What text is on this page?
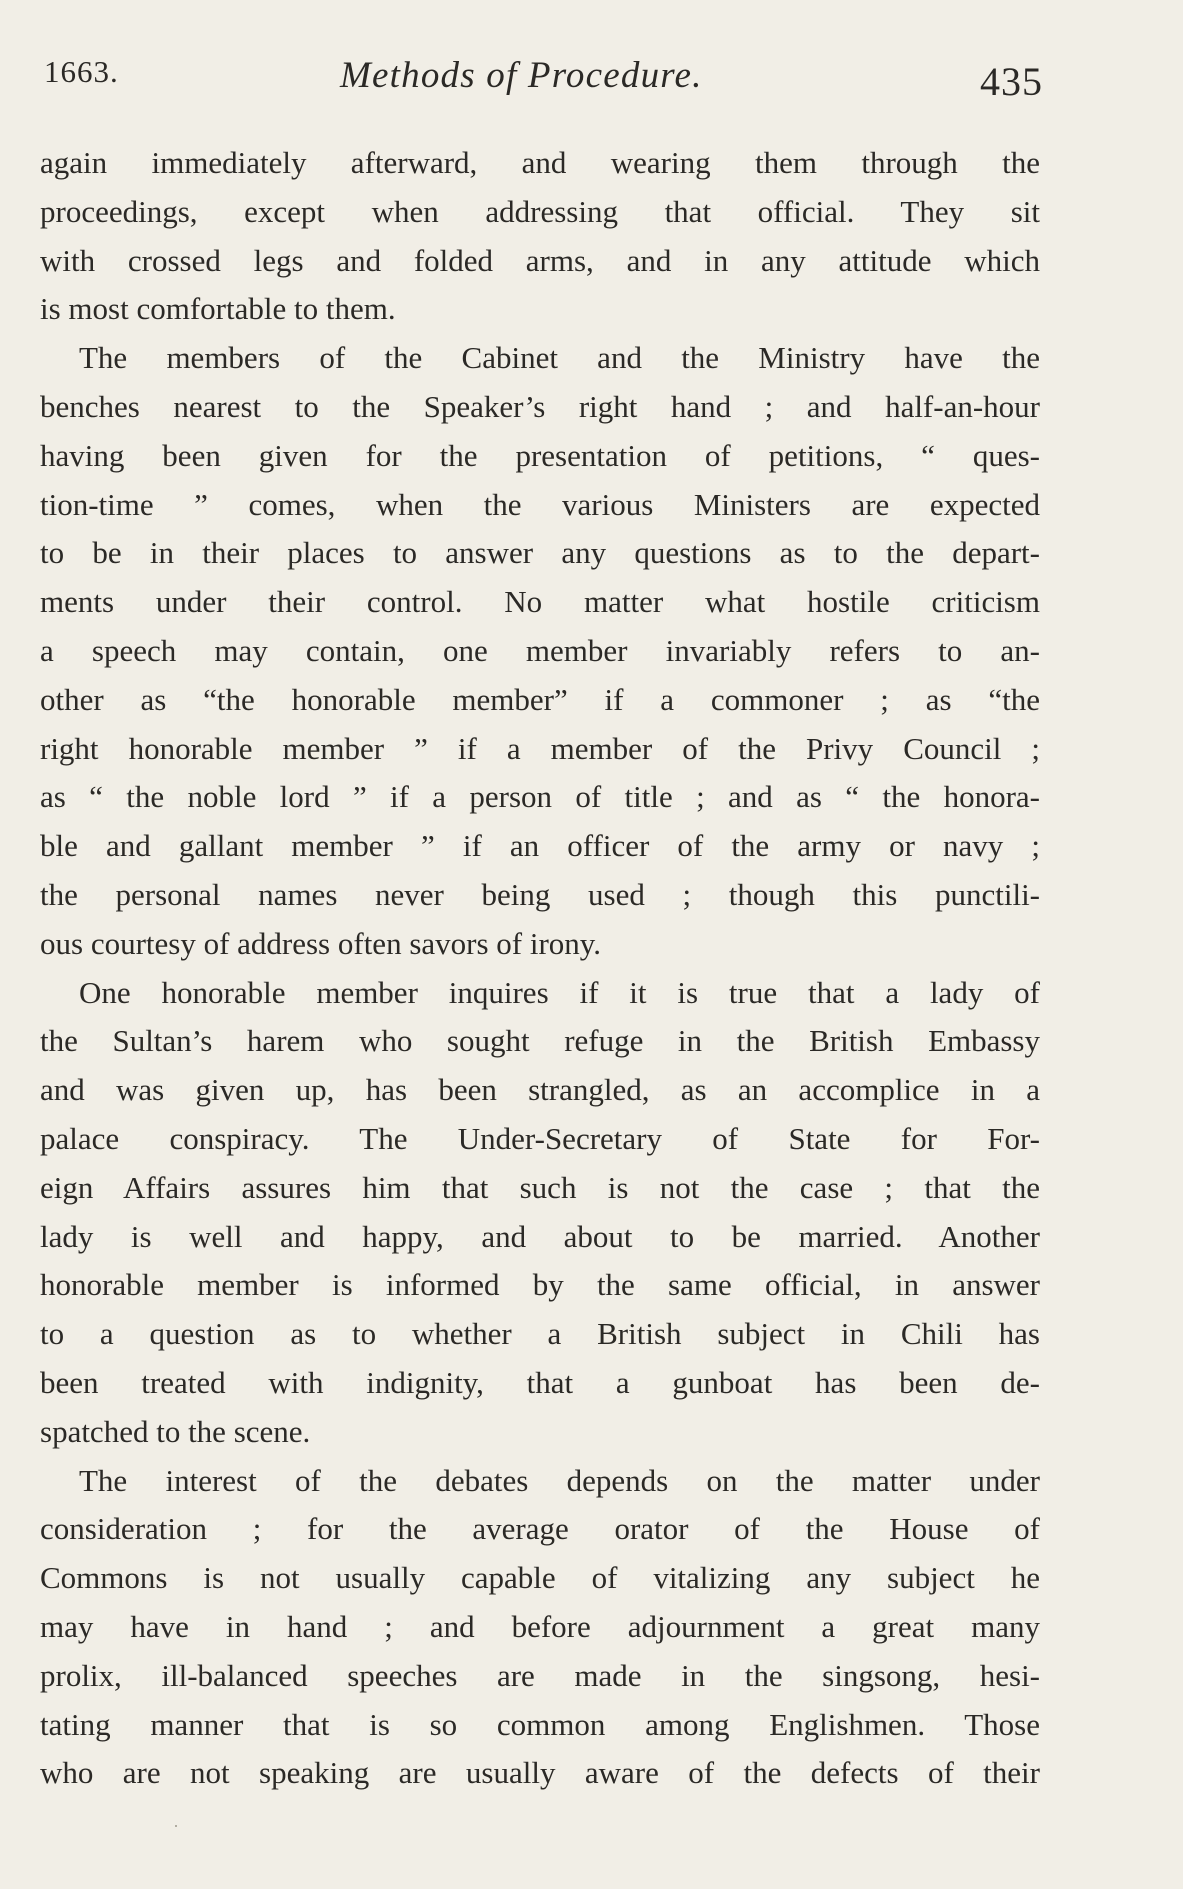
1663.	Methods of Procedure.	435
again immediately afterward, and wearing them through the
proceedings, except when addressing that official. They sit
with crossed legs and folded arms, and in any attitude which
is most comfortable to them.
The members of the Cabinet and the Ministry have the
benches nearest to the Speaker’s right hand ; and half-an-hour
having been given for the presentation of petitions, “ ques-
tion-time ” comes, when the various Ministers are expected
to be in their places to answer any questions as to the depart-
ments under their control. No matter what hostile criticism
a speech may contain, one member invariably refers to an-
other as “the honorable member” if a commoner ; as “the
right honorable member ” if a member of the Privy Council ;
as “ the noble lord ” if a person of title ; and as “ the honora-
ble and gallant member ” if an officer of the army or navy ;
the personal names never being used ; though this punctili-
ous courtesy of address often savors of irony.
One honorable member inquires if it is true that a lady of
the Sultan’s harem who sought refuge in the British Embassy
and was given up, has been strangled, as an accomplice in a
palace conspiracy. The Under-Secretary of State for For-
eign Affairs assures him that such is not the case ; that the
lady is well and happy, and about to be married. Another
honorable member is informed by the same official, in answer
to a question as to whether a British subject in Chili has
been treated with indignity, that a gunboat has been de-
spatched to the scene.
The interest of the debates depends on the matter under
consideration ; for the average orator of the House of
Commons is not usually capable of vitalizing any subject he
may have in hand ; and before adjournment a great many
prolix, ill-balanced speeches are made in the singsong, hesi-
tating manner that is so common among Englishmen. Those
who are not speaking are usually aware of the defects of their
